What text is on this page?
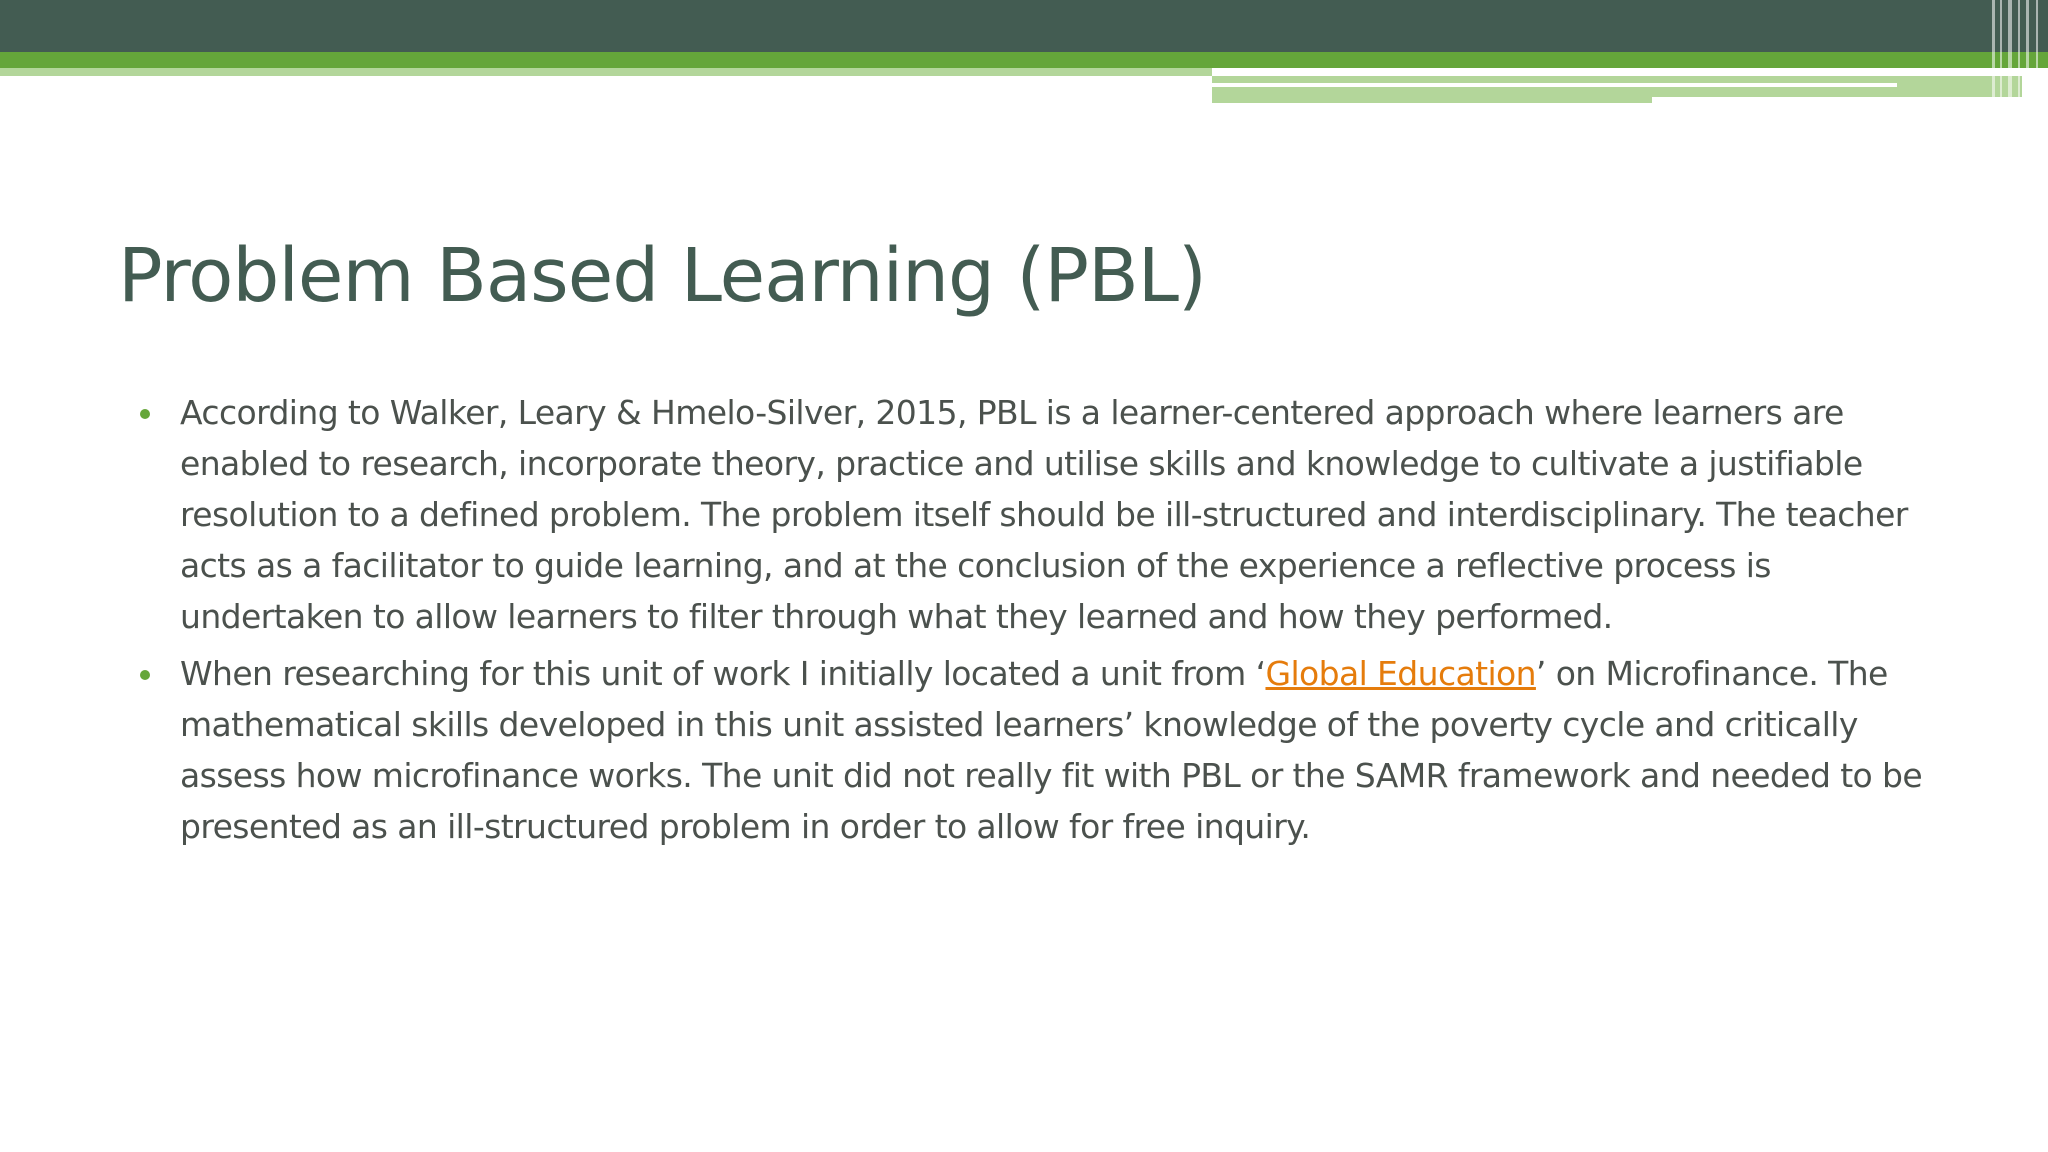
Problem Based Learning (PBL)
According to Walker, Leary & Hmelo-Silver, 2015, PBL is a learner-centered approach where learners are enabled to research, incorporate theory, practice and utilise skills and knowledge to cultivate a justifiable resolution to a defined problem. The problem itself should be ill-structured and interdisciplinary. The teacher acts as a facilitator to guide learning, and at the conclusion of the experience a reflective process is undertaken to allow learners to filter through what they learned and how they performed.
When researching for this unit of work I initially located a unit from ‘Global Education’ on Microfinance. The mathematical skills developed in this unit assisted learners’ knowledge of the poverty cycle and critically assess how microfinance works. The unit did not really fit with PBL or the SAMR framework and needed to be presented as an ill-structured problem in order to allow for free inquiry.
